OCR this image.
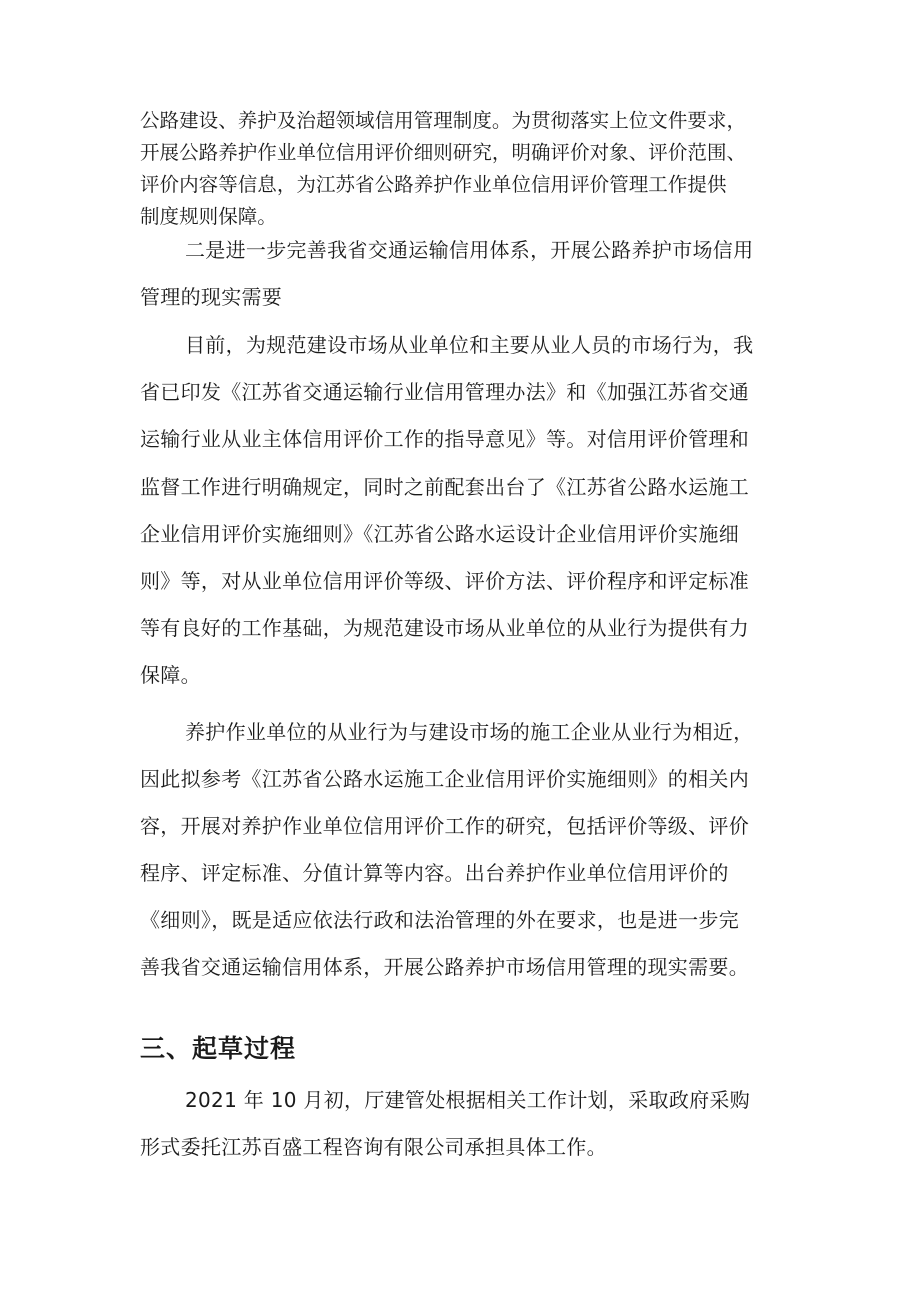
公路建设、养护及治超领域信用管理制度。为贯彻落实上位文件要求，

开展公路养护作业单位信用评价细则研究，明确评价对象、评价范围、

评价内容等信息，为江苏省公路养护作业单位信用评价管理工作提供

制度规则保障。

二是进一步完善我省交通运输信用体系，开展公路养护市场信用

管理的现实需要

目前，为规范建设市场从业单位和主要从业人员的市场行为，我

省已印发《江苏省交通运输行业信用管理办法》和《加强江苏省交通

运输行业从业主体信用评价工作的指导意见》等。对信用评价管理和

监督工作进行明确规定，同时之前配套出台了《江苏省公路水运施工

企业信用评价实施细则》《江苏省公路水运设计企业信用评价实施细

则》等，对从业单位信用评价等级、评价方法、评价程序和评定标准

等有良好的工作基础，为规范建设市场从业单位的从业行为提供有力

保障。

养护作业单位的从业行为与建设市场的施工企业从业行为相近，

因此拟参考《江苏省公路水运施工企业信用评价实施细则》的相关内

容，开展对养护作业单位信用评价工作的研究，包括评价等级、评价

程序、评定标准、分值计算等内容。出台养护作业单位信用评价的

《细则》，既是适应依法行政和法治管理的外在要求，也是进一步完

善我省交通运输信用体系，开展公路养护市场信用管理的现实需要。

三、起草过程

2021 年 10 月初，厅建管处根据相关工作计划，采取政府采购

形式委托江苏百盛工程咨询有限公司承担具体工作。
